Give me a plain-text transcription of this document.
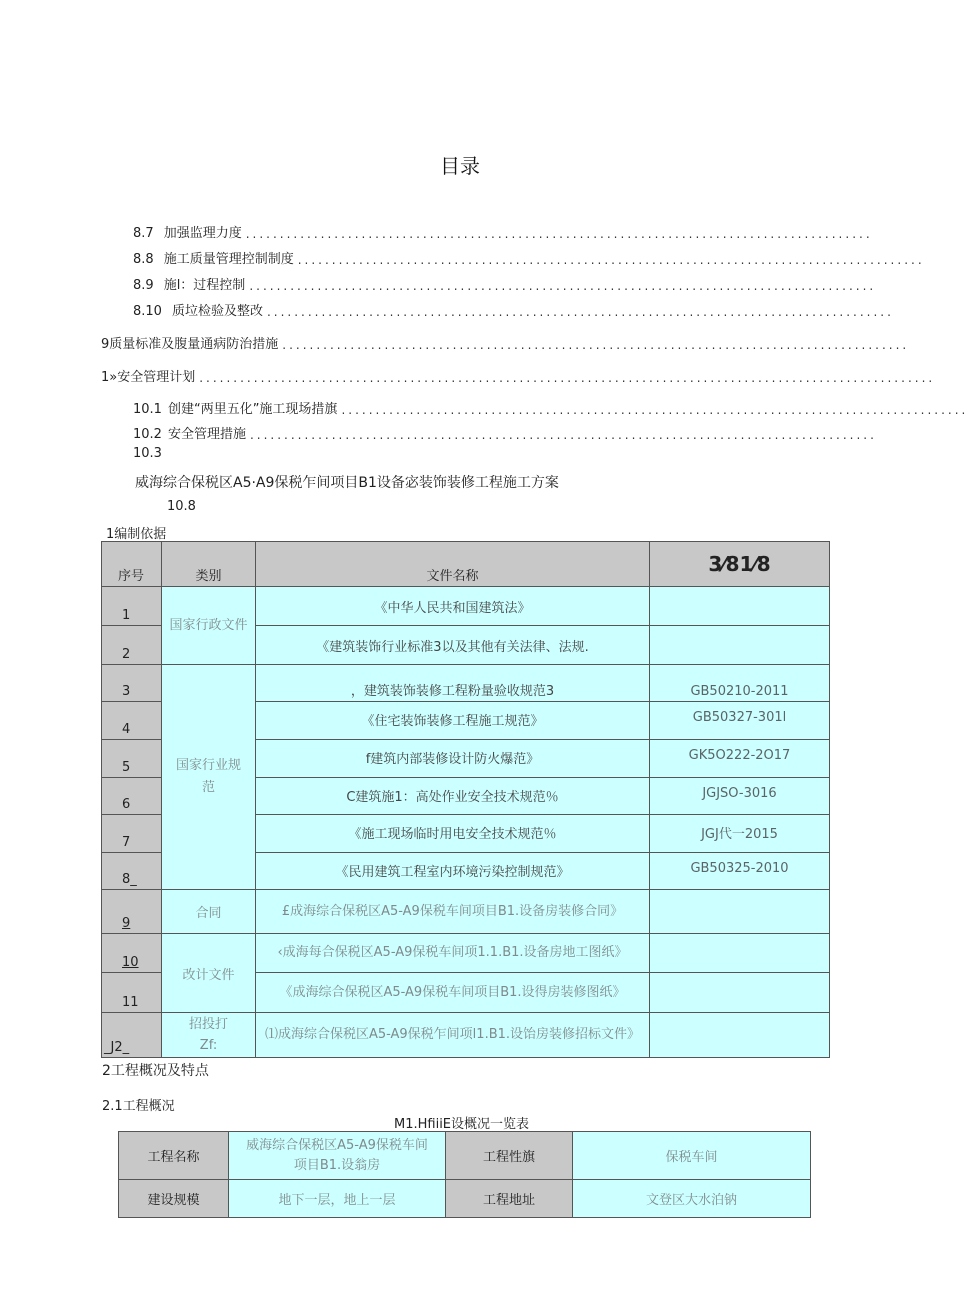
目录
8.7 加强监理力度 ............................................................................................
8.8 施工质量管理控制制度 ............................................................................................
8.9 施l：过程控制 ............................................................................................
8.10 质垃检验及整改 ............................................................................................
9质量标准及腹量通病防治措施 ............................................................................................
1»安全管理计划 ............................................................................................................
10.1 创建“两里五化”施工现场措旗 ............................................................................................
10.2 安全管理措施 ............................................................................................
10.3
威海综合保税区A5·A9保税乍间项目B1设备宓装饰装修工程施工方案
10.8
1编制依据
序号	类别	文件名称	3⁄81⁄8
1	国家行政文件	《中华人民共和国建筑法》	
2		《建筑装饰行业标准3以及其他有关法律、法规.	
3	国家行业规范	，建筑装饰装修工程粉量验收规范3	GB50210-2011
4		《住宅装饰装修工程施工规范》	GB50327-301l
5		f建筑内部装修设计防火爆范》	GK5O222-2O17
6		C建筑施1：高处作业安全技术规范％	JGJSO-3016
7		《施工现场临时用电安全技术规范％	JGJ代一2015
8_		《民用建筑工程室内环境污染控制规范》	GB50325-2010
9	合同	£成海综合保税区A5-A9保税车间项目B1.设备房装修合同》	
10	改计文件	‹成海每合保税区A5-A9保税车间项1.1.B1.设备房地工图纸》	
11		《成海综合保税区A5-A9保税车间项目B1.设得房装修图纸》	
_J2_	招投打Zf:	⑴成海综合保税区A5-A9保税乍间项l1.B1.设饴房装修招标文件》	
2工程概况及特点
2.1工程概况
M1.HfiiiE设概况一览表
工程名称	威海综合保税区A5-A9保税车间项目B1.设翁房	工程性旗	保税车间
建设规模	地下一层，地上一层	工程地址	文登区大水泊钠
